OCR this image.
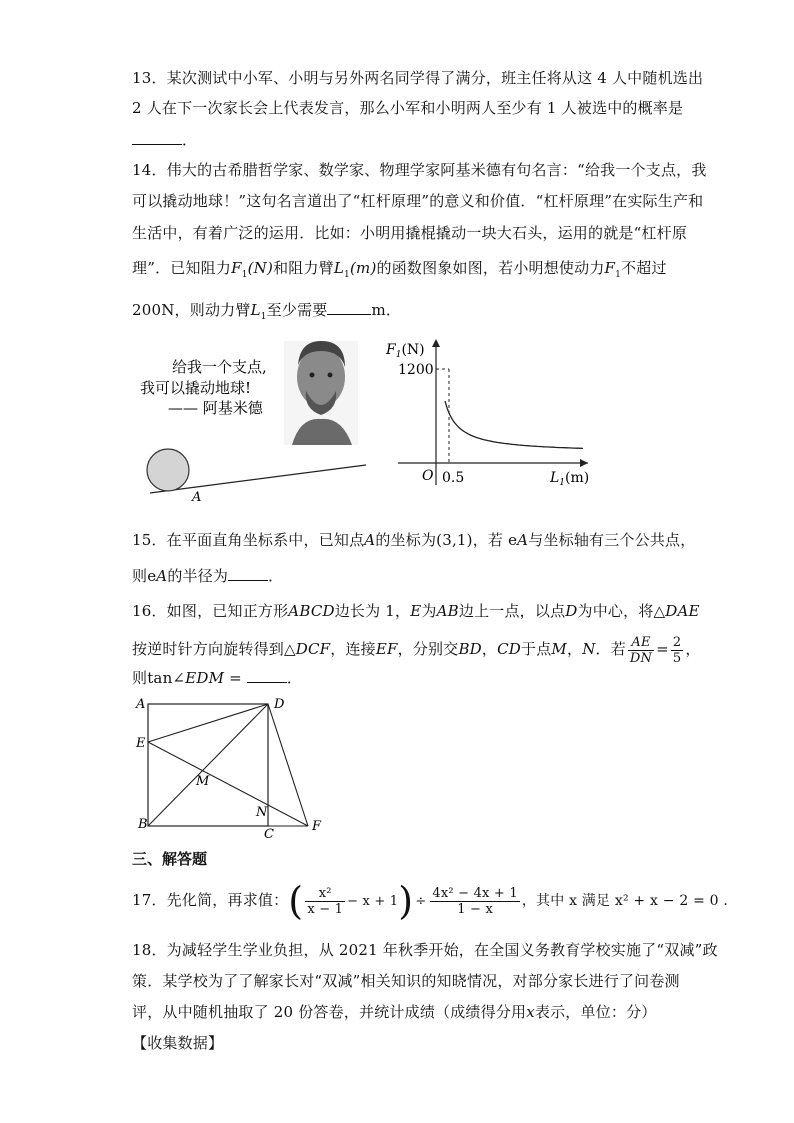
13．某次测试中小军、小明与另外两名同学得了满分，班主任将从这 4 人中随机选出
2 人在下一次家长会上代表发言，那么小军和小明两人至少有 1 人被选中的概率是
．
14．伟大的古希腊哲学家、数学家、物理学家阿基米德有句名言：“给我一个支点，我
可以撬动地球！”这句名言道出了“杠杆原理”的意义和价值．“杠杆原理”在实际生产和
生活中，有着广泛的运用．比如：小明用撬棍撬动一块大石头，运用的就是“杠杆原
理”．已知阻力$F_1(N)$和阻力臂$L_1(m)$的函数图象如图，若小明想使动力$F_1$不超过
200N，则动力臂$L_1$至少需要	m．
给我一个支点,
我可以撬动地球!
—— 阿基米德
A
$F_1(N)$
1200
O 0.5	$L_1(m)$
15．在平面直角坐标系中，已知点A的坐标为(3,1)，若 eA与坐标轴有三个公共点，
则eA的半径为	．
16．如图，已知正方形ABCD边长为 1，E为AB边上一点，以点D为中心，将△DAE
按逆时针方向旋转得到△DCF，连接EF，分别交BD，CD于点M，N．若 $\frac{AE}{DN} = \frac{2}{5}$ ，
则tan∠EDM =	．
A	D
E
M
N
B
C
F
三、解答题
17．先化简，再求值：( $\frac{\text{x²}}{x - 1} - x + 1) \div \frac{\text{4x² − 4x + 1}}{1 - x}$ ，其中 x 满足 x² + x − 2 = 0 ．
18．为减轻学生学业负担，从 2021 年秋季开始，在全国义务教育学校实施了“双减”政
策．某学校为了了解家长对“双减”相关知识的知晓情况，对部分家长进行了问卷测
评，从中随机抽取了 20 份答卷，并统计成绩（成绩得分用x表示，单位：分）
【收集数据】
